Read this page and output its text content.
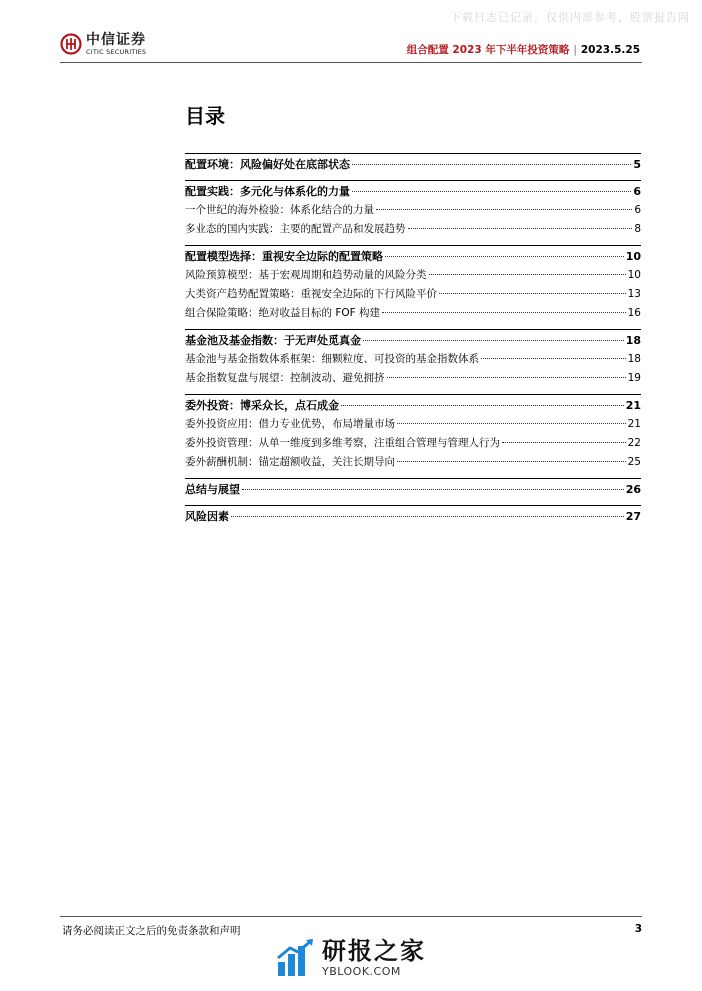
下载日志已记录，仅供内部参考，股票报告网
中信证券
CITIC SECURITIES	组合配置 2023 年下半年投资策略 | 2023.5.25
目录
配置环境：风险偏好处在底部状态	5
配置实践：多元化与体系化的力量	6
一个世纪的海外检验：体系化结合的力量	6
多业态的国内实践：主要的配置产品和发展趋势	8
配置模型选择：重视安全边际的配置策略	10
风险预算模型：基于宏观周期和趋势动量的风险分类	10
大类资产趋势配置策略：重视安全边际的下行风险平价	13
组合保险策略：绝对收益目标的 FOF 构建	16
基金池及基金指数：于无声处觅真金	18
基金池与基金指数体系框架：细颗粒度、可投资的基金指数体系	18
基金指数复盘与展望：控制波动、避免拥挤	19
委外投资：博采众长，点石成金	21
委外投资应用：借力专业优势，布局增量市场	21
委外投资管理：从单一维度到多维考察，注重组合管理与管理人行为	22
委外薪酬机制：锚定超额收益，关注长期导向	25
总结与展望	26
风险因素	27
请务必阅读正文之后的免责条款和声明	3
研报之家
YBLOOK.COM
